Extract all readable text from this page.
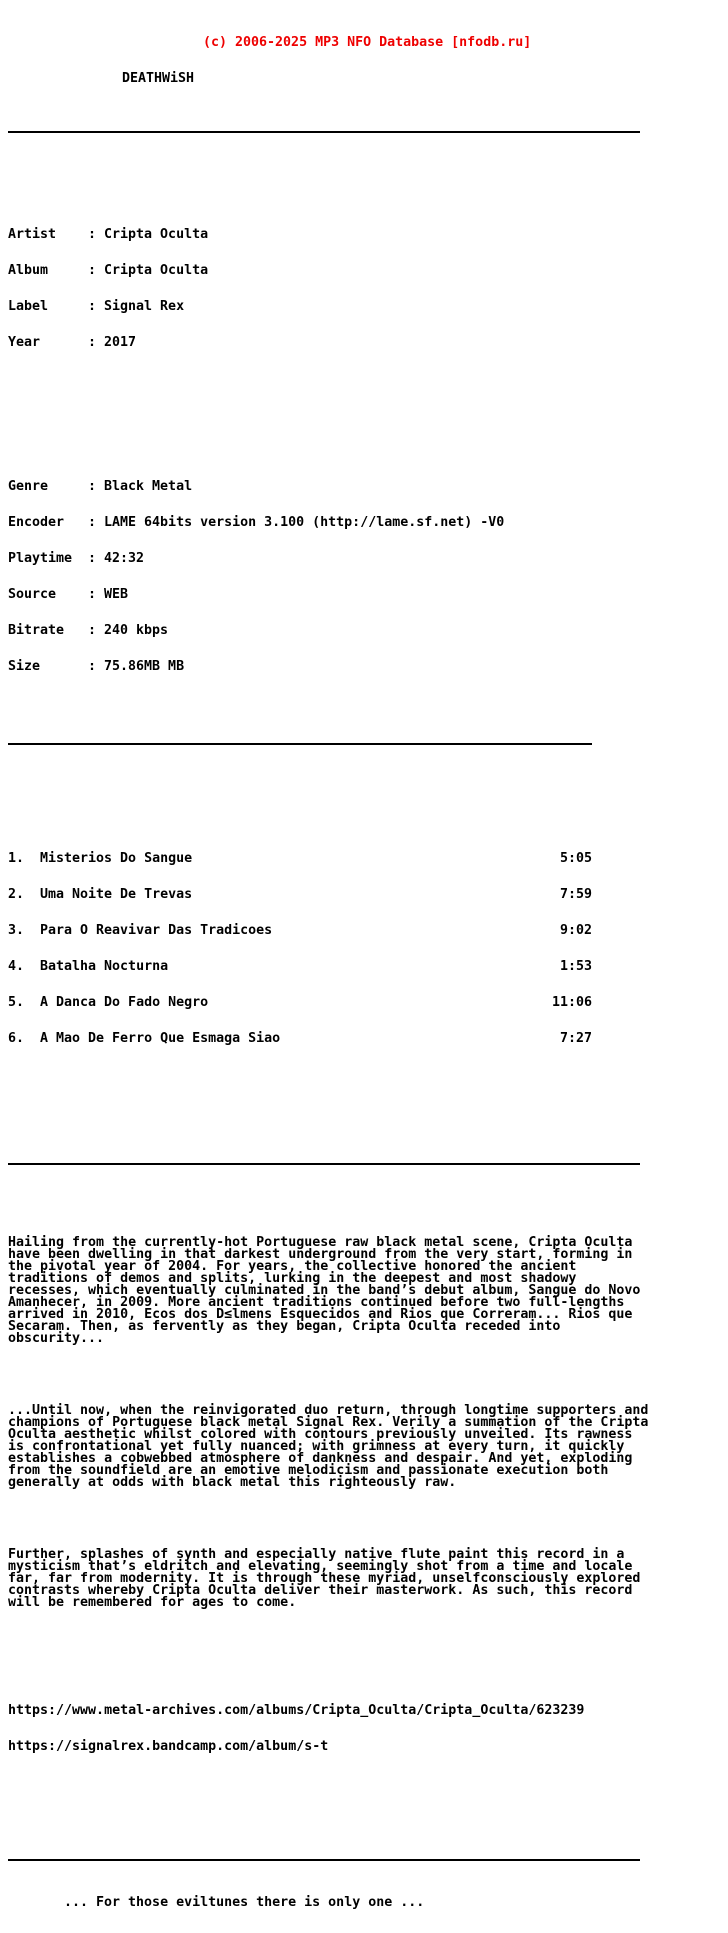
(c) 2006-2025 MP3 NFO Database [nfodb.ru]

DEATHWiSH

Artist : Cripta Oculta

Album	: Cripta Oculta

Label	: Signal Rex

Year	: 2017

Genre	: Black Metal

Encoder : LAME 64bits version 3.100 (http://lame.sf.net) -V0

Playtime : 42:32

Source : WEB

Bitrate : 240 kbps

Size	: 75.86MB MB

1.	Misterios Do Sangue	5:05

2.	Uma Noite De Trevas	7:59

3.	Para O Reavivar Das Tradicoes	9:02

4.	Batalha Nocturna	1:53

5.	A Danca Do Fado Negro	11:06

6.	A Mao De Ferro Que Esmaga Siao	7:27

Hailing from the currently-hot Portuguese raw black metal scene, Cripta Oculta
have been dwelling in that darkest underground from the very start, forming in
the pivotal year of 2004. For years, the collective honored the ancient
traditions of demos and splits, lurking in the deepest and most shadowy
recesses, which eventually culminated in the band’s debut album, Sangue do Novo
Amanhecer, in 2009. More ancient traditions continued before two full-lengths
arrived in 2010, Ecos dos D≤lmens Esquecidos and Rios que Correram... Rios que
Secaram. Then, as fervently as they began, Cripta Oculta receded into
obscurity...

...Until now, when the reinvigorated duo return, through longtime supporters and
champions of Portuguese black metal Signal Rex. Verily a summation of the Cripta
Oculta aesthetic whilst colored with contours previously unveiled. Its rawness
is confrontational yet fully nuanced; with grimness at every turn, it quickly
establishes a cobwebbed atmosphere of dankness and despair. And yet, exploding
from the soundfield are an emotive melodicism and passionate execution both
generally at odds with black metal this righteously raw.

Further, splashes of synth and especially native flute paint this record in a
mysticism that’s eldritch and elevating, seemingly shot from a time and locale
far, far from modernity. It is through these myriad, unselfconsciously explored
contrasts whereby Cripta Oculta deliver their masterwork. As such, this record
will be remembered for ages to come.

https://www.metal-archives.com/albums/Cripta_Oculta/Cripta_Oculta/623239

https://signalrex.bandcamp.com/album/s-t

... For those eviltunes there is only one ...
